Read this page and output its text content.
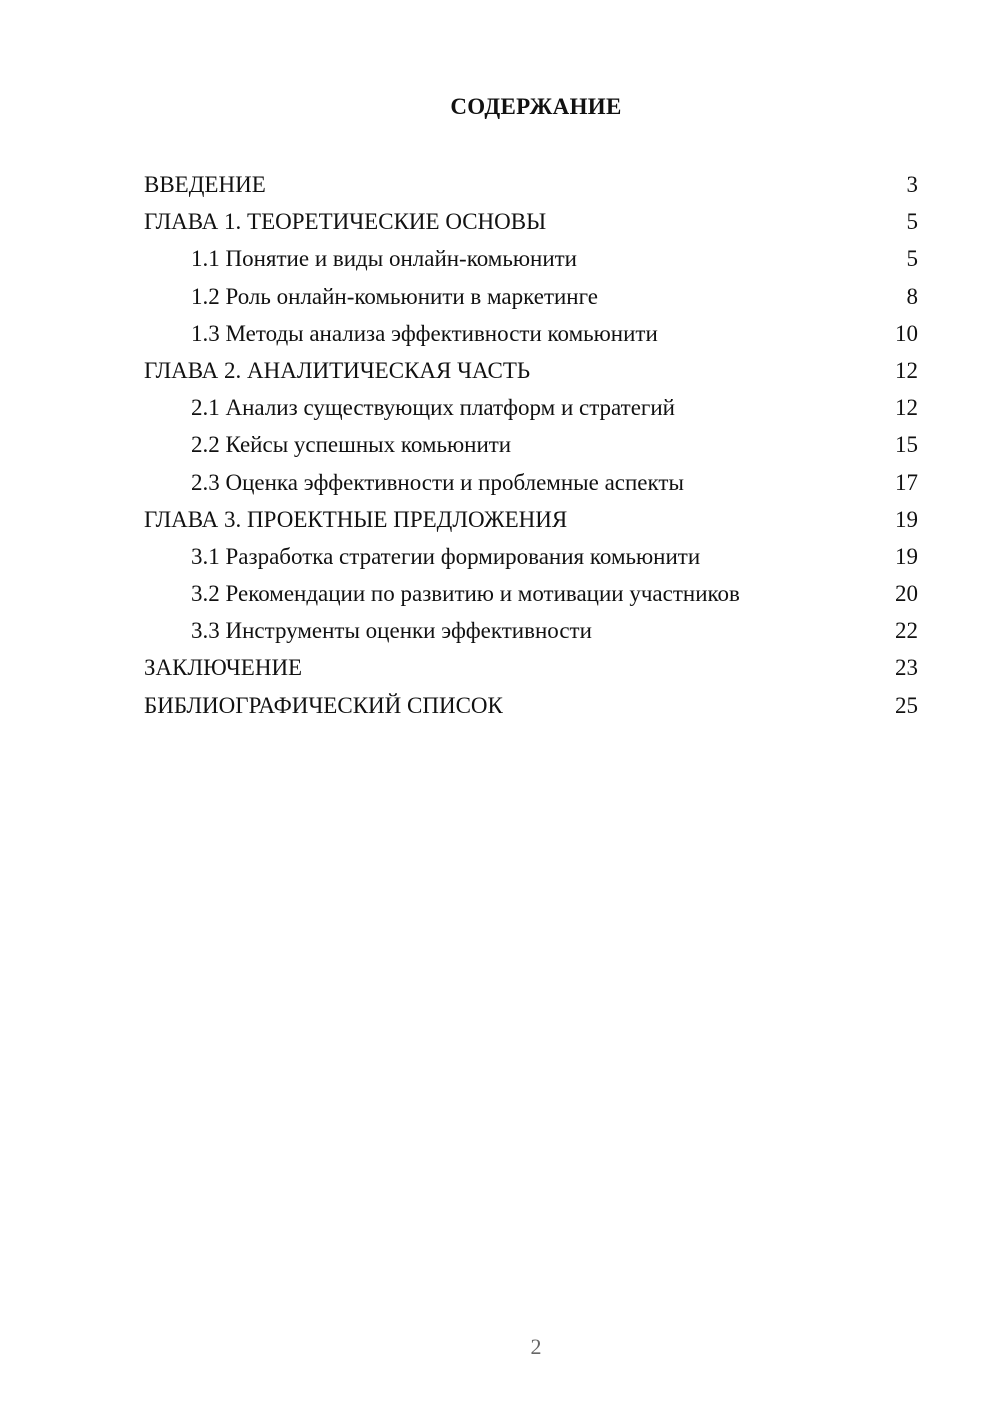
СОДЕРЖАНИЕ
ВВЕДЕНИЕ	3
ГЛАВА 1. ТЕОРЕТИЧЕСКИЕ ОСНОВЫ	5
1.1 Понятие и виды онлайн-комьюнити	5
1.2 Роль онлайн-комьюнити в маркетинге	8
1.3 Методы анализа эффективности комьюнити	10
ГЛАВА 2. АНАЛИТИЧЕСКАЯ ЧАСТЬ	12
2.1 Анализ существующих платформ и стратегий	12
2.2 Кейсы успешных комьюнити	15
2.3 Оценка эффективности и проблемные аспекты	17
ГЛАВА 3. ПРОЕКТНЫЕ ПРЕДЛОЖЕНИЯ	19
3.1 Разработка стратегии формирования комьюнити	19
3.2 Рекомендации по развитию и мотивации участников	20
3.3 Инструменты оценки эффективности	22
ЗАКЛЮЧЕНИЕ	23
БИБЛИОГРАФИЧЕСКИЙ СПИСОК	25
2
